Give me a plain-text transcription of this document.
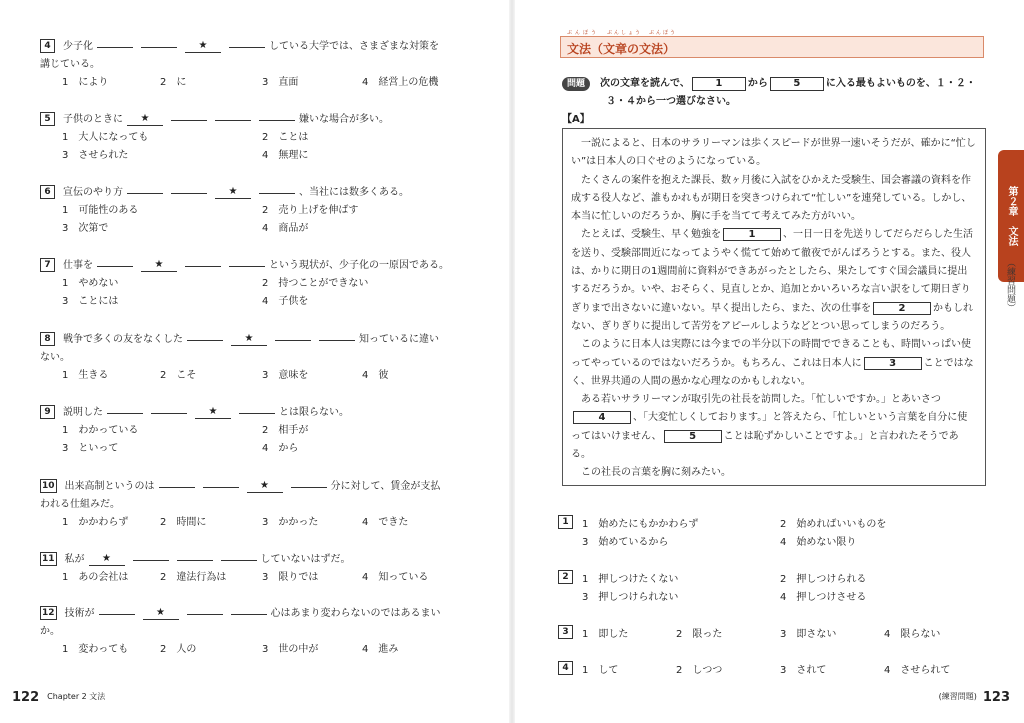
4 少子化	★	している大学では、さまざまな対策を
講じている。
1　により	2　に	3　直面	4　経営上の危機
5 子供のときに ★	嫌いな場合が多い。
1　大人になっても	2　ことは
3　させられた	4　無理に
6 宣伝のやり方	★	、当社には数多くある。
1　可能性のある	2　売り上げを伸ばす
3　次第で	4　商品が
7 仕事を	★	という現状が、少子化の一原因である。
1　やめない	2　持つことができない
3　ことには	4　子供を
8 戦争で多くの友をなくした	★	知っているに違い
ない。
1　生きる	2　こそ	3　意味を	4　彼
9 説明した	★	とは限らない。
1　わかっている	2　相手が
3　といって	4　から
10 出来高制というのは	★	分に対して、賃金が支払
われる仕組みだ。
1　かかわらず	2　時間に	3　かかった	4　できた
11 私が ★	していないはずだ。
1　あの会社は	2　違法行為は	3　限りでは	4　知っている
12 技術が	★	心はあまり変わらないのではあるまい
か。
1　変わっても	2　人の	3　世の中が	4　進み
122 Chapter 2 文法
ぶんぽう ぶんしょう　ぶんぽう
文法（文章の文法）
問題 次の文章を読んで、	1	から	5	に入る最もよいものを、１・２・
３・４から一つ選びなさい。
【A】

一説によると、日本のサラリーマンは歩くスピードが世界一速いそうだが、確かに“忙しい”は日本人の口ぐせのようになっている。

たくさんの案件を抱えた課長、数ヶ月後に入試をひかえた受験生、国会審議の資料を作成する役人など、誰もかれもが期日を突きつけられて“忙しい”を連発している。しかし、本当に忙しいのだろうか、胸に手を当てて考えてみた方がいい。

たとえば、受験生、早く勉強を	1	、一日一日を先送りしてだらだらした生活を送り、受験部間近になってようやく慌てて始めて徹夜でがんばろうとする。また、役人は、かりに期日の1週間前に資料ができあがったとしたら、果たしてすぐ国会議員に提出するだろうか。いや、おそらく、見直しとか、追加とかいろいろな言い訳をして期日ぎりぎりまで出さないに違いない。早く提出したら、また、次の仕事を	2	かもしれない、ぎりぎりに提出して苦労をアピールしようなどとつい思ってしまうのだろう。

このように日本人は実際には今までの半分以下の時間でできることも、時間いっぱい使ってやっているのではないだろうか。もちろん、これは日本人に	3	ことではなく、世界共通の人間の愚かな心理なのかもしれない。

ある若いサラリーマンが取引先の社長を訪問した。「忙しいですか。」とあいさつ4	、「大変忙しくしております。」と答えたら、「忙しいという言葉を自分に使ってはいけません、	5	ことは恥ずかしいことですよ。」と言われたそうである。

この社長の言葉を胸に刻みたい。

1	1　始めたにもかかわらず	2　始めればいいものを
3　始めているから	4　始めない限り
2	1　押しつけたくない	2　押しつけられる
3　押しつけられない	4　押しつけさせる
3	1　即した	2　限った	3　即さない	4　限らない
4	1　して	2　しつつ	3　されて	4　させられて
第２章　文法
（練習問題）
(練習問題) 123
